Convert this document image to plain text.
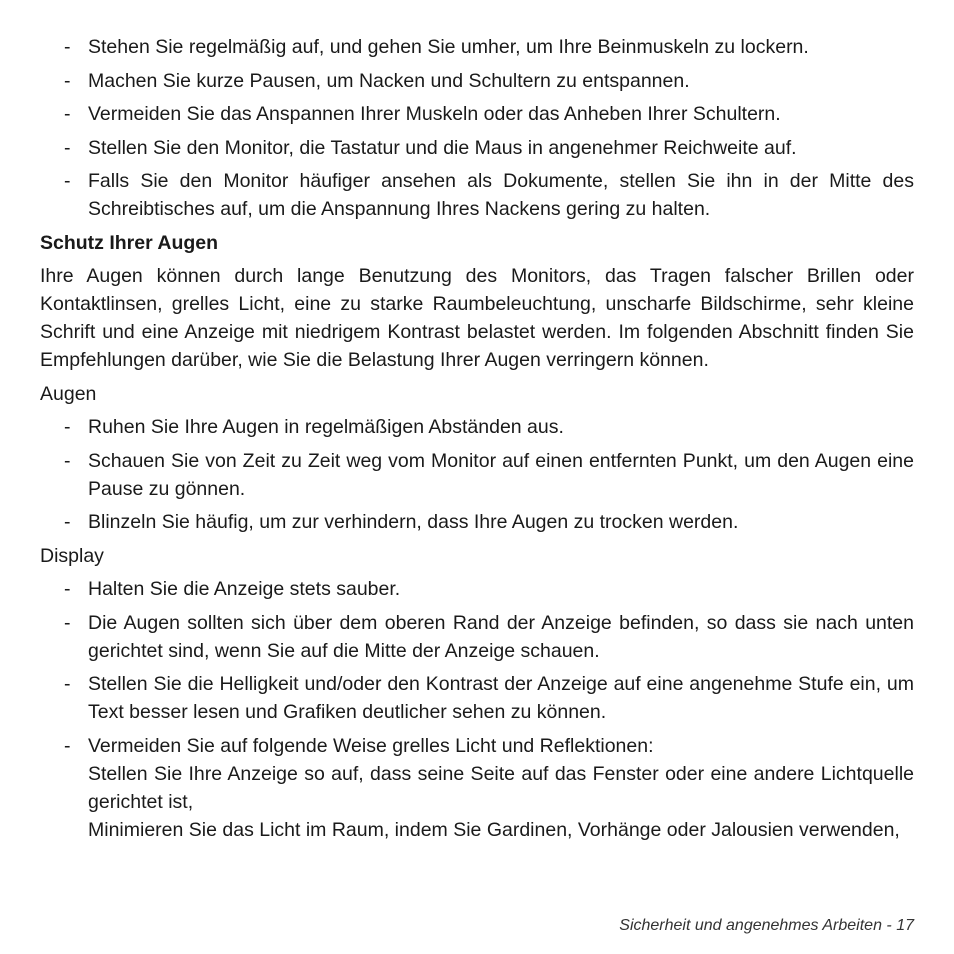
- Stehen Sie regelmäßig auf, und gehen Sie umher, um Ihre Beinmuskeln zu lockern.
- Machen Sie kurze Pausen, um Nacken und Schultern zu entspannen.
- Vermeiden Sie das Anspannen Ihrer Muskeln oder das Anheben Ihrer Schultern.
- Stellen Sie den Monitor, die Tastatur und die Maus in angenehmer Reichweite auf.
- Falls Sie den Monitor häufiger ansehen als Dokumente, stellen Sie ihn in der Mitte des Schreibtisches auf, um die Anspannung Ihres Nackens gering zu halten.
Schutz Ihrer Augen

Ihre Augen können durch lange Benutzung des Monitors, das Tragen falscher Brillen oder Kontaktlinsen, grelles Licht, eine zu starke Raumbeleuchtung, unscharfe Bildschirme, sehr kleine Schrift und eine Anzeige mit niedrigem Kontrast belastet werden. Im folgenden Abschnitt finden Sie Empfehlungen darüber, wie Sie die Belastung Ihrer Augen verringern können.

Augen
- Ruhen Sie Ihre Augen in regelmäßigen Abständen aus.
- Schauen Sie von Zeit zu Zeit weg vom Monitor auf einen entfernten Punkt, um den Augen eine Pause zu gönnen.
- Blinzeln Sie häufig, um zur verhindern, dass Ihre Augen zu trocken werden.
Display
- Halten Sie die Anzeige stets sauber.
- Die Augen sollten sich über dem oberen Rand der Anzeige befinden, so dass sie nach unten gerichtet sind, wenn Sie auf die Mitte der Anzeige schauen.
- Stellen Sie die Helligkeit und/oder den Kontrast der Anzeige auf eine angenehme Stufe ein, um Text besser lesen und Grafiken deutlicher sehen zu können.
- Vermeiden Sie auf folgende Weise grelles Licht und Reflektionen:
Stellen Sie Ihre Anzeige so auf, dass seine Seite auf das Fenster oder eine andere Lichtquelle gerichtet ist,
Minimieren Sie das Licht im Raum, indem Sie Gardinen, Vorhänge oder Jalousien verwenden,
Sicherheit und angenehmes Arbeiten - 17
